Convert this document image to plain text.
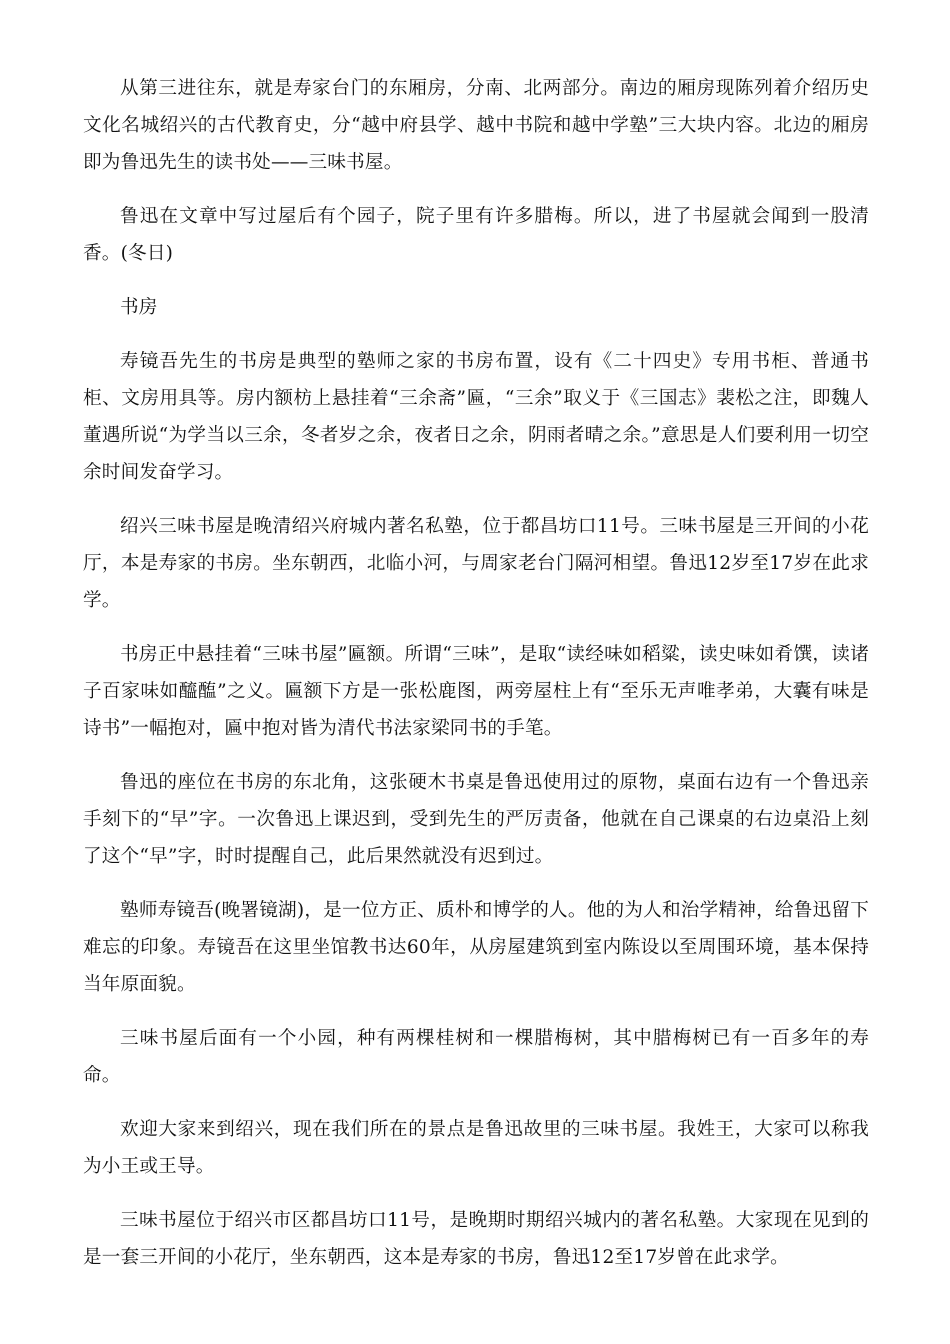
从第三进往东，就是寿家台门的东厢房，分南、北两部分。南边的厢房现陈列着介绍历史文化名城绍兴的古代教育史，分“越中府县学、越中书院和越中学塾”三大块内容。北边的厢房即为鲁迅先生的读书处——三味书屋。

鲁迅在文章中写过屋后有个园子，院子里有许多腊梅。所以，进了书屋就会闻到一股清香。(冬日)

书房

寿镜吾先生的书房是典型的塾师之家的书房布置，设有《二十四史》专用书柜、普通书柜、文房用具等。房内额枋上悬挂着“三余斋”匾，“三余”取义于《三国志》裴松之注，即魏人董遇所说“为学当以三余，冬者岁之余，夜者日之余，阴雨者晴之余。”意思是人们要利用一切空余时间发奋学习。

绍兴三味书屋是晚清绍兴府城内著名私塾，位于都昌坊口11号。三味书屋是三开间的小花厅，本是寿家的书房。坐东朝西，北临小河，与周家老台门隔河相望。鲁迅12岁至17岁在此求学。

书房正中悬挂着“三味书屋”匾额。所谓“三味”，是取“读经味如稻粱，读史味如肴馔，读诸子百家味如醯醢”之义。匾额下方是一张松鹿图，两旁屋柱上有“至乐无声唯孝弟，大囊有味是诗书”一幅抱对，匾中抱对皆为清代书法家梁同书的手笔。

鲁迅的座位在书房的东北角，这张硬木书桌是鲁迅使用过的原物，桌面右边有一个鲁迅亲手刻下的“早”字。一次鲁迅上课迟到，受到先生的严厉责备，他就在自己课桌的右边桌沿上刻了这个“早”字，时时提醒自己，此后果然就没有迟到过。

塾师寿镜吾(晚署镜湖)，是一位方正、质朴和博学的人。他的为人和治学精神，给鲁迅留下难忘的印象。寿镜吾在这里坐馆教书达60年，从房屋建筑到室内陈设以至周围环境，基本保持当年原面貌。

三味书屋后面有一个小园，种有两棵桂树和一棵腊梅树，其中腊梅树已有一百多年的寿命。

欢迎大家来到绍兴，现在我们所在的景点是鲁迅故里的三味书屋。我姓王，大家可以称我为小王或王导。

三味书屋位于绍兴市区都昌坊口11号，是晚期时期绍兴城内的著名私塾。大家现在见到的是一套三开间的小花厅，坐东朝西，这本是寿家的书房，鲁迅12至17岁曾在此求学。
